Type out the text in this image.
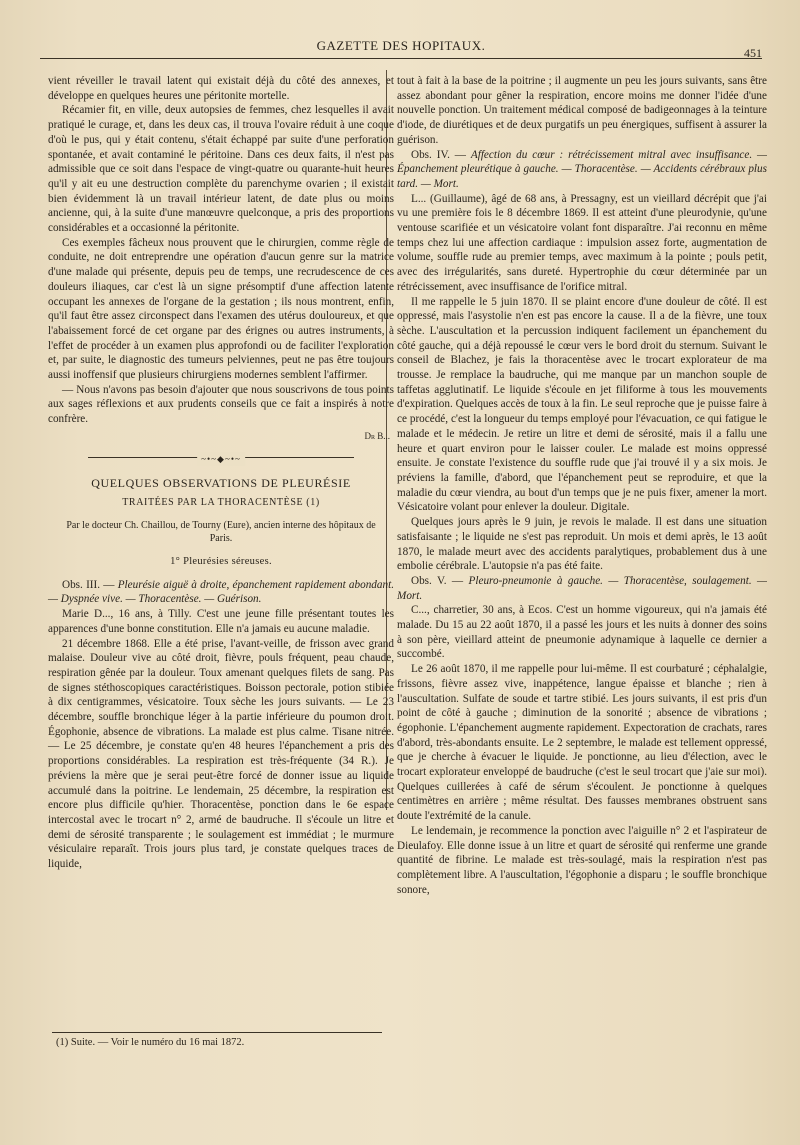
GAZETTE DES HOPITAUX.	451

vient réveiller le travail latent qui existait déjà du côté des annexes, et développe en quelques heures une péritonite mortelle.

Récamier fit, en ville, deux autopsies de femmes, chez lesquelles il avait pratiqué le curage, et, dans les deux cas, il trouva l'ovaire réduit à une coque d'où le pus, qui y était contenu, s'était échappé par suite d'une perforation spontanée, et avait contaminé le péritoine. Dans ces deux faits, il n'est pas admissible que ce soit dans l'espace de vingt-quatre ou quarante-huit heures qu'il y ait eu une destruction complète du parenchyme ovarien ; il existait bien évidemment là un travail intérieur latent, de date plus ou moins ancienne, qui, à la suite d'une manœuvre quelconque, a pris des proportions considérables et a occasionné la péritonite.

Ces exemples fâcheux nous prouvent que le chirurgien, comme règle de conduite, ne doit entreprendre une opération d'aucun genre sur la matrice d'une malade qui présente, depuis peu de temps, une recrudescence de ces douleurs iliaques, car c'est là un signe présomptif d'une affection latente occupant les annexes de l'organe de la gestation ; ils nous montrent, enfin, qu'il faut être assez circonspect dans l'examen des utérus douloureux, et que l'abaissement forcé de cet organe par des érignes ou autres instruments, à l'effet de procéder à un examen plus approfondi ou de faciliter l'exploration et, par suite, le diagnostic des tumeurs pelviennes, peut ne pas être toujours aussi inoffensif que plusieurs chirurgiens modernes semblent l'affirmer.

— Nous n'avons pas besoin d'ajouter que nous souscrivons de tous points aux sages réflexions et aux prudents conseils que ce fait a inspirés à notre confrère.

Dr B...
~•~◆~•~
QUELQUES OBSERVATIONS DE PLEURÉSIE
TRAITÉES PAR LA THORACENTÈSE (1)
Par le docteur Ch. Chaillou, de Tourny (Eure), ancien interne des hôpitaux de Paris.
1° Pleurésies séreuses.

Obs. III. — Pleurésie aiguë à droite, épanchement rapidement abondant. — Dyspnée vive. — Thoracentèse. — Guérison.

Marie D..., 16 ans, à Tilly. C'est une jeune fille présentant toutes les apparences d'une bonne constitution. Elle n'a jamais eu aucune maladie.

21 décembre 1868. Elle a été prise, l'avant-veille, de frisson avec grand malaise. Douleur vive au côté droit, fièvre, pouls fréquent, peau chaude, respiration gênée par la douleur. Toux amenant quelques filets de sang. Pas de signes stéthoscopiques caractéristiques. Boisson pectorale, potion stibiée à dix centigrammes, vésicatoire. Toux sèche les jours suivants. — Le 23 décembre, souffle bronchique léger à la partie inférieure du poumon droit. Égophonie, absence de vibrations. La malade est plus calme. Tisane nitrée. — Le 25 décembre, je constate qu'en 48 heures l'épanchement a pris des proportions considérables. La respiration est très-fréquente (34 R.). Je préviens la mère que je serai peut-être forcé de donner issue au liquide accumulé dans la poitrine. Le lendemain, 25 décembre, la respiration est encore plus difficile qu'hier. Thoracentèse, ponction dans le 6e espace intercostal avec le trocart n° 2, armé de baudruche. Il s'écoule un litre et demi de sérosité transparente ; le soulagement est immédiat ; le murmure vésiculaire reparaît. Trois jours plus tard, je constate quelques traces de liquide,

tout à fait à la base de la poitrine ; il augmente un peu les jours suivants, sans être assez abondant pour gêner la respiration, encore moins me donner l'idée d'une nouvelle ponction. Un traitement médical composé de badigeonnages à la teinture d'iode, de diurétiques et de deux purgatifs un peu énergiques, suffisent à assurer la guérison.

Obs. IV. — Affection du cœur : rétrécissement mitral avec insuffisance. — Épanchement pleurétique à gauche. — Thoracentèse. — Accidents cérébraux plus tard. — Mort.

L... (Guillaume), âgé de 68 ans, à Pressagny, est un vieillard décrépit que j'ai vu une première fois le 8 décembre 1869. Il est atteint d'une pleurodynie, qu'une ventouse scarifiée et un vésicatoire volant font disparaître. J'ai reconnu en même temps chez lui une affection cardiaque : impulsion assez forte, augmentation de volume, souffle rude au premier temps, avec maximum à la pointe ; pouls petit, avec des irrégularités, sans dureté. Hypertrophie du cœur déterminée par un rétrécissement, avec insuffisance de l'orifice mitral.

Il me rappelle le 5 juin 1870. Il se plaint encore d'une douleur de côté. Il est oppressé, mais l'asystolie n'en est pas encore la cause. Il a de la fièvre, une toux sèche. L'auscultation et la percussion indiquent facilement un épanchement du côté gauche, qui a déjà repoussé le cœur vers le bord droit du sternum. Suivant le conseil de Blachez, je fais la thoracentèse avec le trocart explorateur de ma trousse. Je remplace la baudruche, qui me manque par un manchon souple de taffetas agglutinatif. Le liquide s'écoule en jet filiforme à tous les mouvements d'expiration. Quelques accès de toux à la fin. Le seul reproche que je puisse faire à ce procédé, c'est la longueur du temps employé pour l'évacuation, ce qui fatigue le malade et le médecin. Je retire un litre et demi de sérosité, mais il a fallu une heure et quart environ pour le laisser couler. Le malade est moins oppressé ensuite. Je constate l'existence du souffle rude que j'ai trouvé il y a six mois. Je préviens la famille, d'abord, que l'épanchement peut se reproduire, et que la maladie du cœur viendra, au bout d'un temps que je ne puis fixer, amener la mort. Vésicatoire volant pour enlever la douleur. Digitale.

Quelques jours après le 9 juin, je revois le malade. Il est dans une situation satisfaisante ; le liquide ne s'est pas reproduit. Un mois et demi après, le 13 août 1870, le malade meurt avec des accidents paralytiques, probablement dus à une embolie cérébrale. L'autopsie n'a pas été faite.

Obs. V. — Pleuro-pneumonie à gauche. — Thoracentèse, soulagement. — Mort.

C..., charretier, 30 ans, à Ecos. C'est un homme vigoureux, qui n'a jamais été malade. Du 15 au 22 août 1870, il a passé les jours et les nuits à donner des soins à son père, vieillard atteint de pneumonie adynamique à laquelle ce dernier a succombé.

Le 26 août 1870, il me rappelle pour lui-même. Il est courbaturé ; céphalalgie, frissons, fièvre assez vive, inappétence, langue épaisse et blanche ; rien à l'auscultation. Sulfate de soude et tartre stibié. Les jours suivants, il est pris d'un point de côté à gauche ; diminution de la sonorité ; absence de vibrations ; égophonie. L'épanchement augmente rapidement. Expectoration de crachats, rares d'abord, très-abondants ensuite. Le 2 septembre, le malade est tellement oppressé, que je cherche à évacuer le liquide. Je ponctionne, au lieu d'élection, avec le trocart explorateur enveloppé de baudruche (c'est le seul trocart que j'aie sur moi). Quelques cuillerées à café de sérum s'écoulent. Je ponctionne à quelques centimètres en arrière ; même résultat. Des fausses membranes obstruent sans doute l'extrémité de la canule.

Le lendemain, je recommence la ponction avec l'aiguille n° 2 et l'aspirateur de Dieulafoy. Elle donne issue à un litre et quart de sérosité qui renferme une grande quantité de fibrine. Le malade est très-soulagé, mais la respiration n'est pas complètement libre. A l'auscultation, l'égophonie a disparu ; le souffle bronchique sonore,

(1) Suite. — Voir le numéro du 16 mai 1872.
